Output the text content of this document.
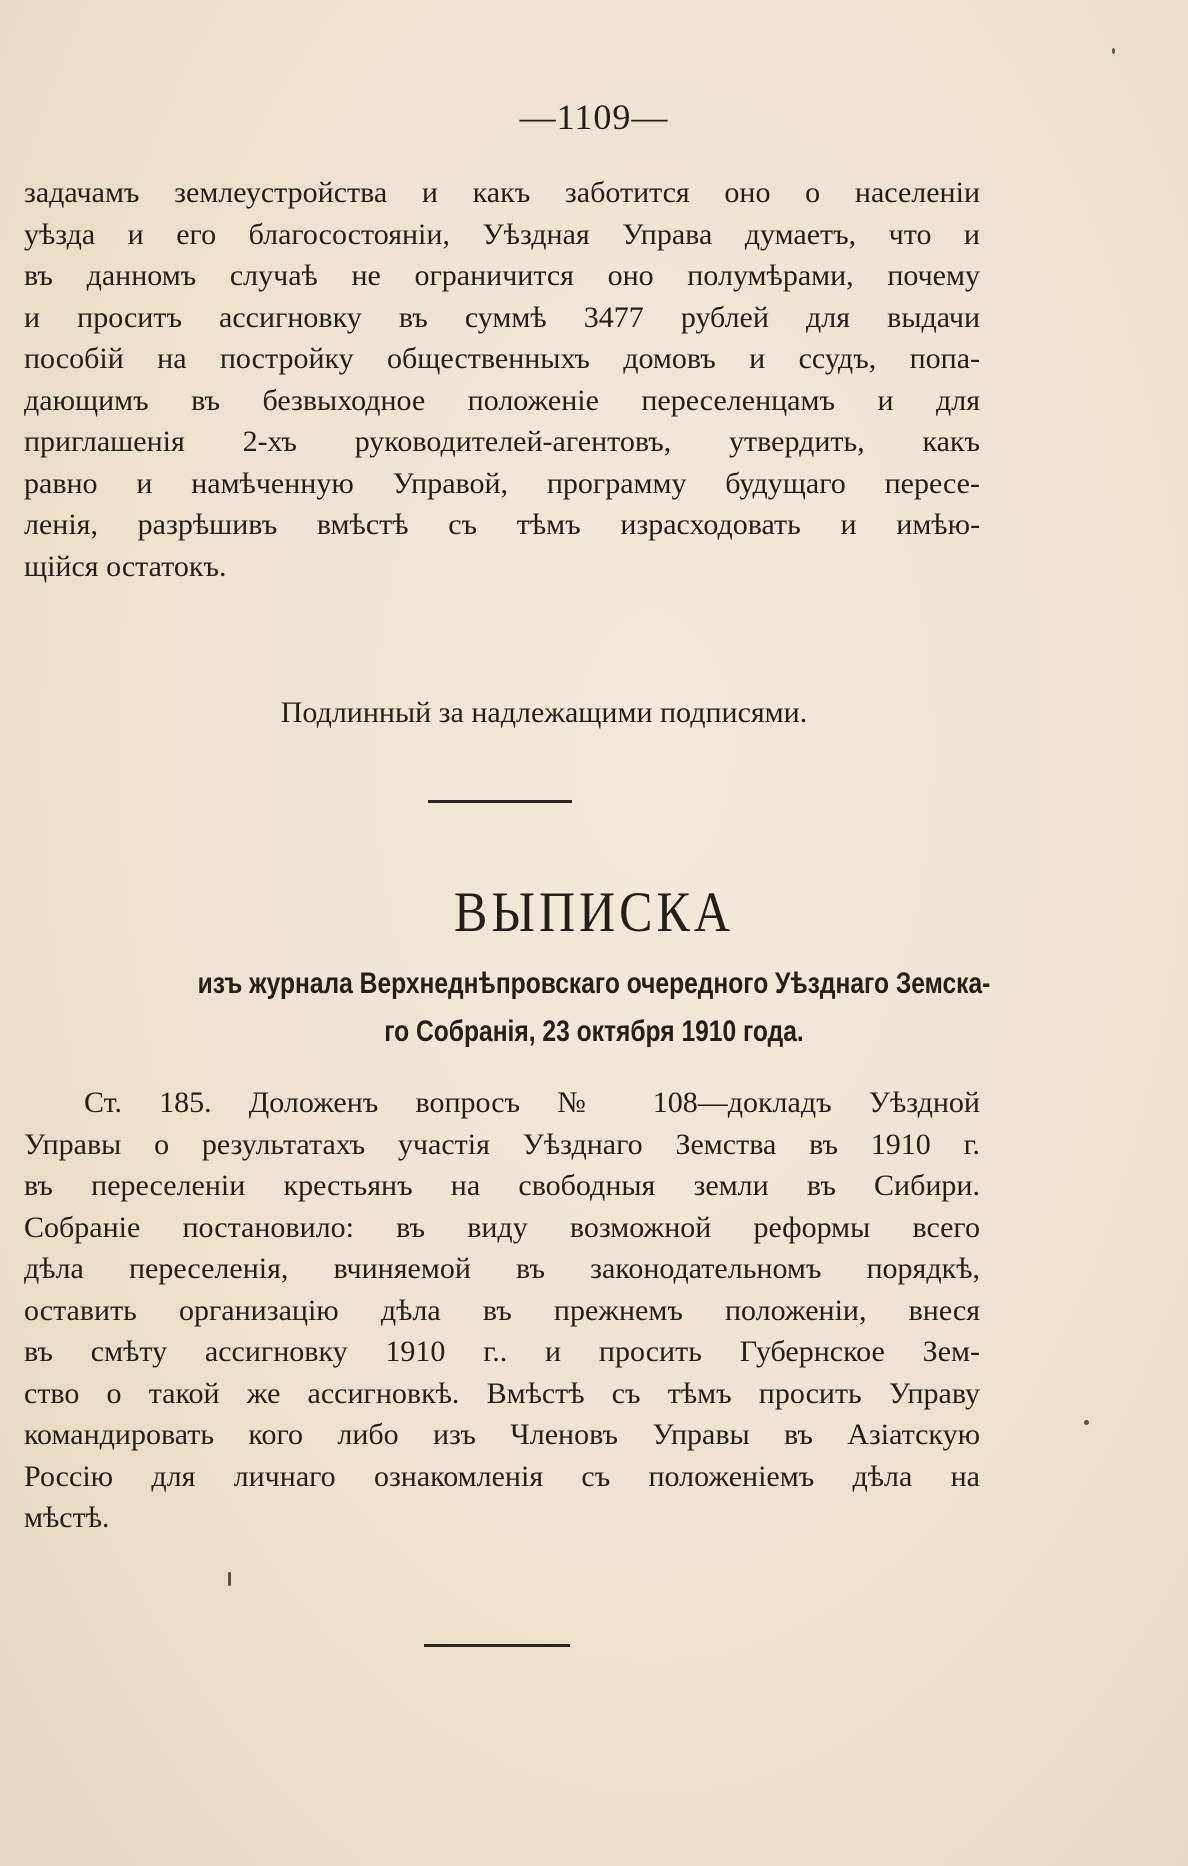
—1109—

задачамъ землеустройства и какъ заботится оно о населенiи
уѣзда и его благосостоянiи, Уѣздная Управа думаетъ, что и
въ данномъ случаѣ не ограничится оно полумѣрами, почему
и проситъ ассигновку въ суммѣ 3477 рублей для выдачи
пособiй на постройку общественныхъ домовъ и ссудъ, попа-
дающимъ въ безвыходное положенiе переселенцамъ и для
приглашенiя 2-хъ руководителей-агентовъ, утвердить, какъ
равно и намѣченную Управой, программу будущаго пересе-
ленiя, разрѣшивъ вмѣстѣ съ тѣмъ израсходовать и имѣю-
щiйся остатокъ.

Подлинный за надлежащими подписями.
ВЫПИСКА
изъ журнала Верхнеднѣпровскаго очередного Уѣзднаго Земска-
го Собранiя, 23 октября 1910 года.

Ст. 185. Доложенъ вопросъ № 108—докладъ Уѣздной
Управы о результатахъ участiя Уѣзднаго Земства въ 1910 г.
въ переселенiи крестьянъ на свободныя земли въ Сибири.
Собранiе постановило: въ виду возможной реформы всего
дѣла переселенiя, вчиняемой въ законодательномъ порядкѣ,
оставить организацiю дѣла въ прежнемъ положенiи, внеся
въ смѣту ассигновку 1910 г.. и просить Губернское Зем-
ство о такой же ассигновкѣ. Вмѣстѣ съ тѣмъ просить Управу
командировать кого либо изъ Членовъ Управы въ Азiатскую
Россiю для личнаго ознакомленiя съ положенiемъ дѣла на
мѣстѣ.
